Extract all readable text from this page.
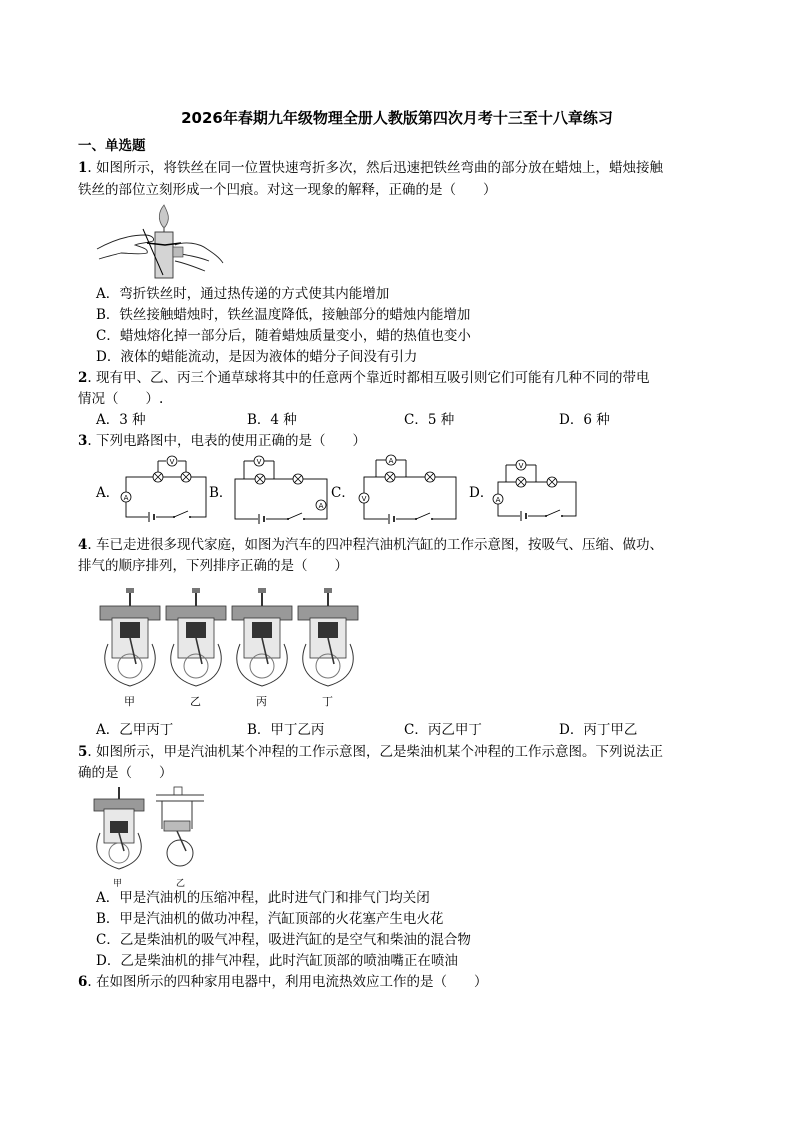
2026年春期九年级物理全册人教版第四次月考十三至十八章练习
一、单选题
1. 如图所示，将铁丝在同一位置快速弯折多次，然后迅速把铁丝弯曲的部分放在蜡烛上，蜡烛接触
铁丝的部位立刻形成一个凹痕。对这一现象的解释，正确的是（　　）
A．弯折铁丝时，通过热传递的方式使其内能增加
B．铁丝接触蜡烛时，铁丝温度降低，接触部分的蜡烛内能增加
C．蜡烛熔化掉一部分后，随着蜡烛质量变小，蜡的热值也变小
D．液体的蜡能流动，是因为液体的蜡分子间没有引力
2. 现有甲、乙、丙三个通草球将其中的任意两个靠近时都相互吸引则它们可能有几种不同的带电
情况（　　）.
A．3 种	B．4 种	C．5 种	D．6 种
3. 下列电路图中，电表的使用正确的是（　　）
A．	B．	C．	D．
V
A
V
A
A
V
V
A
4. 车已走进很多现代家庭，如图为汽车的四冲程汽油机汽缸的工作示意图，按吸气、压缩、做功、
排气的顺序排列，下列排序正确的是（　　）
甲	乙	丙	丁
A．乙甲丙丁	B．甲丁乙丙	C．丙乙甲丁	D．丙丁甲乙
5. 如图所示，甲是汽油机某个冲程的工作示意图，乙是柴油机某个冲程的工作示意图。下列说法正
确的是（　　）
甲	乙
A．甲是汽油机的压缩冲程，此时进气门和排气门均关闭
B．甲是汽油机的做功冲程，汽缸顶部的火花塞产生电火花
C．乙是柴油机的吸气冲程，吸进汽缸的是空气和柴油的混合物
D．乙是柴油机的排气冲程，此时汽缸顶部的喷油嘴正在喷油
6. 在如图所示的四种家用电器中，利用电流热效应工作的是（　　）
